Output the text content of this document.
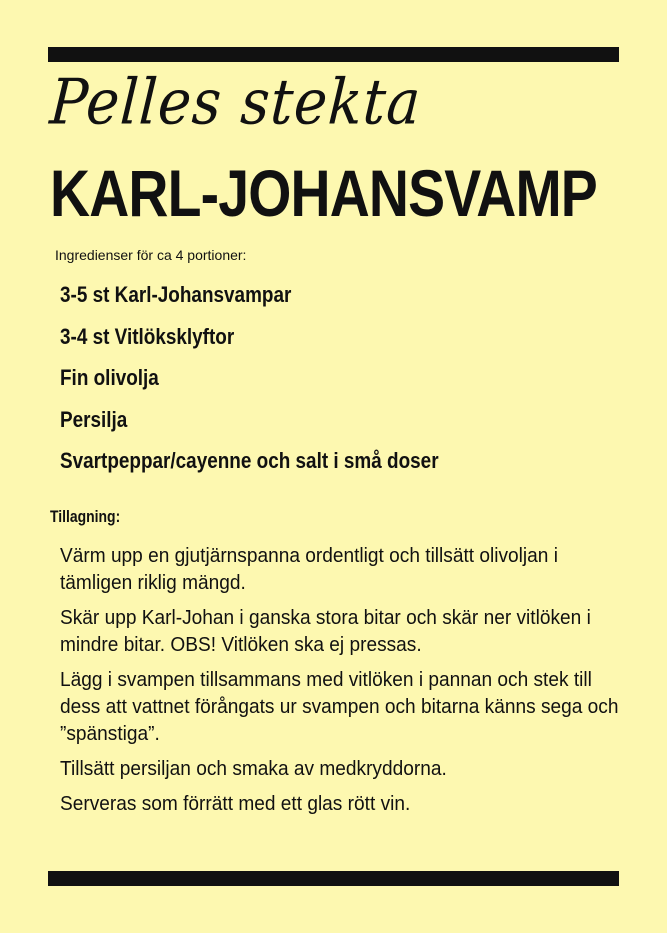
Pelles stekta
KARL-JOHANSVAMP

Ingredienser för ca 4 portioner:

3-5 st Karl-Johansvampar
3-4 st Vitlöksklyftor
Fin olivolja
Persilja
Svartpeppar/cayenne och salt i små doser
Tillagning:

Värm upp en gjutjärnspanna ordentligt och tillsätt olivoljan i tämligen riklig mängd.

Skär upp Karl-Johan i ganska stora bitar och skär ner vitlöken i mindre bitar. OBS! Vitlöken ska ej pressas.

Lägg i svampen tillsammans med vitlöken i pannan och stek till dess att vattnet förångats ur svampen och bitarna känns sega och ”spänstiga”.

Tillsätt persiljan och smaka av medkryddorna.

Serveras som förrätt med ett glas rött vin.
